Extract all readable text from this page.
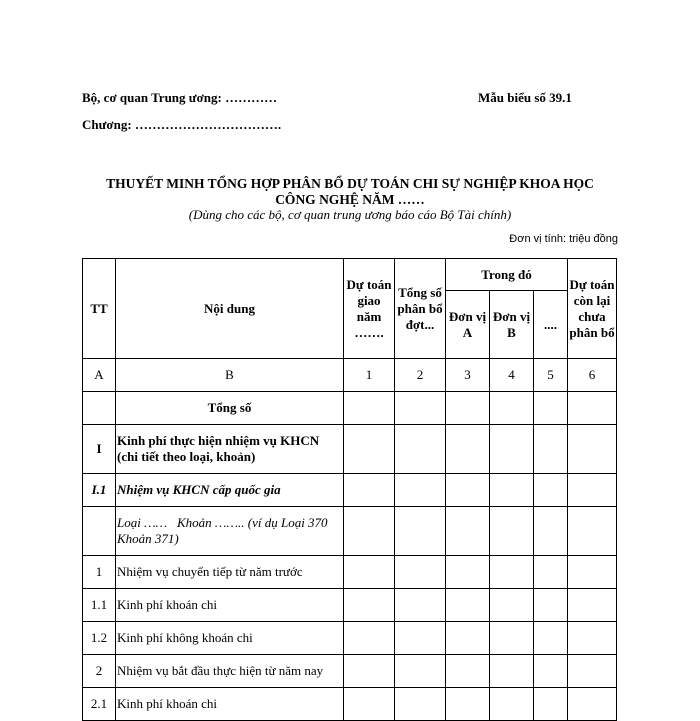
Bộ, cơ quan Trung ương: …………	Mẫu biểu số 39.1
Chương: …………………………….
THUYẾT MINH TỔNG HỢP PHÂN BỔ DỰ TOÁN CHI SỰ NGHIỆP KHOA HỌC
CÔNG NGHỆ NĂM ……
(Dùng cho các bộ, cơ quan trung ương báo cáo Bộ Tài chính)
Đơn vị tính: triệu đồng
TT	Nội dung	Dự toán giao năm …….	Tổng số phân bổ đợt...	Trong đó			Dự toán còn lại chưa phân bổ
				Đơn vị A	Đơn vị B	....	
A	B	1	2	3	4	5	6
	Tổng số						
I	Kinh phí thực hiện nhiệm vụ KHCN (chi tiết theo loại, khoản)						
I.1	Nhiệm vụ KHCN cấp quốc gia						
	Loại ……   Khoản …….. (ví dụ Loại 370 Khoản 371)						
1	Nhiệm vụ chuyển tiếp từ năm trước						
1.1	Kinh phí khoán chi						
1.2	Kinh phí không khoán chi						
2	Nhiệm vụ bắt đầu thực hiện từ năm nay						
2.1	Kinh phí khoán chi						
